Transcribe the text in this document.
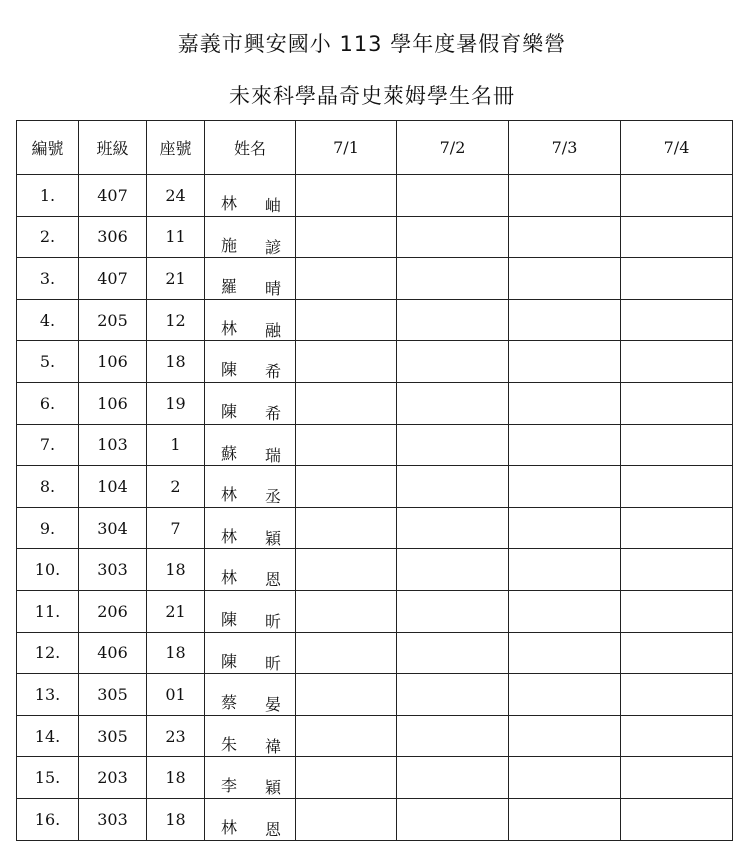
嘉義市興安國小 113 學年度暑假育樂營
未來科學晶奇史萊姆學生名冊
編號	班級	座號	姓名	7/1	7/2	7/3	7/4
1.	407	24	林 岫				

2.	306	11	施 諺				

3.	407	21	羅 晴				

4.	205	12	林 融				

5.	106	18	陳 希				

6.	106	19	陳 希				

7.	103	1	蘇 瑞				

8.	104	2	林 丞				

9.	304	7	林 穎				

10.	303	18	林 恩				

11.	206	21	陳 昕				

12.	406	18	陳 昕				

13.	305	01	蔡 晏				

14.	305	23	朱 禕				

15.	203	18	李 穎				

16.	303	18	林 恩				
